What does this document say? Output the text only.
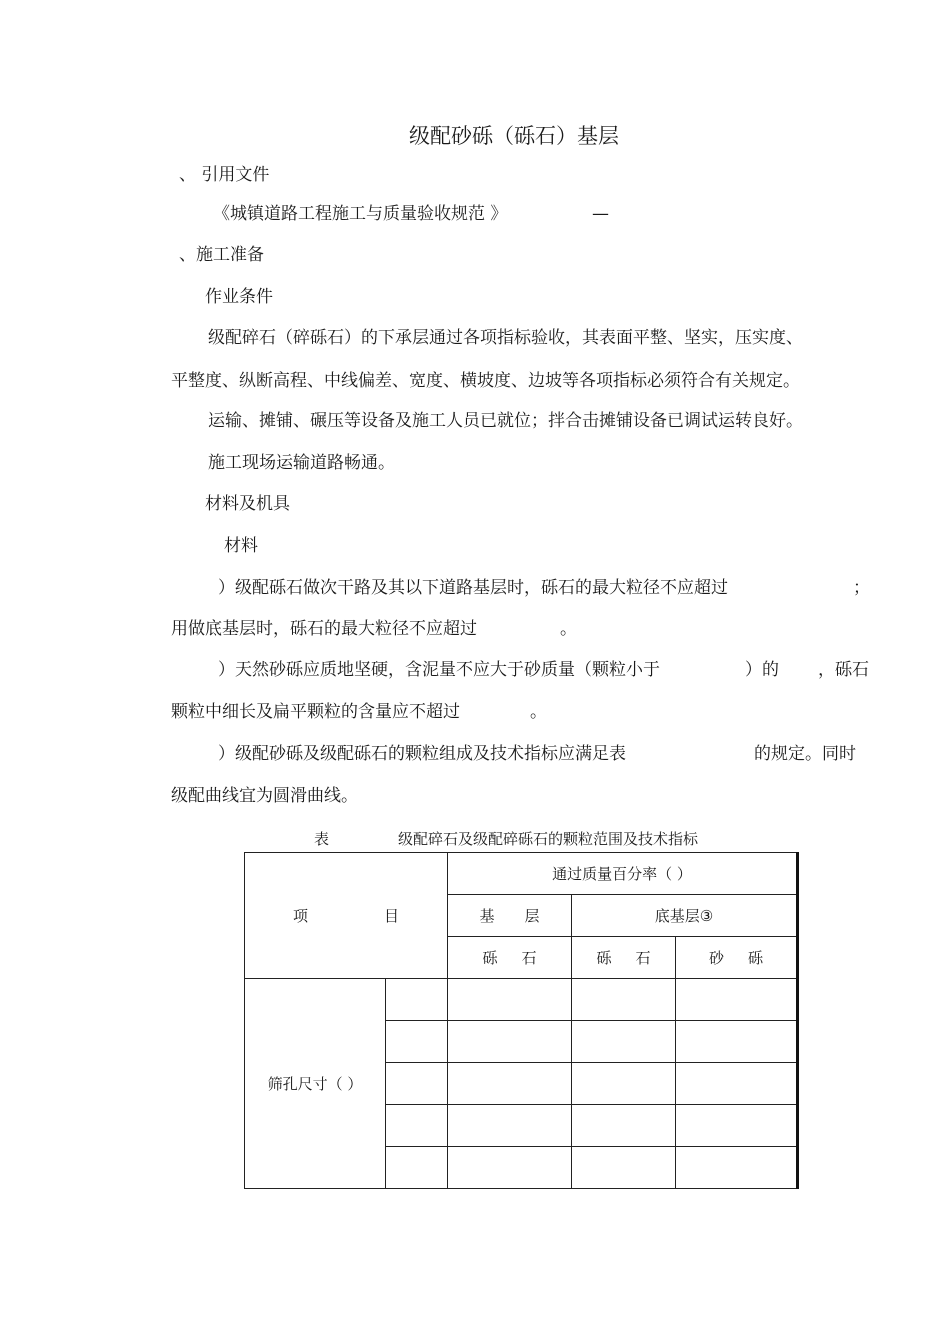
级配砂砾（砾石）基层
、 引用文件
《城镇道路工程施工与质量验收规范 》	—
、施工准备
作业条件
级配碎石（碎砾石）的下承层通过各项指标验收，其表面平整、坚实，压实度、
平整度、纵断高程、中线偏差、宽度、横坡度、边坡等各项指标必须符合有关规定。
运输、摊铺、碾压等设备及施工人员已就位；拌合击摊铺设备已调试运转良好。
施工现场运输道路畅通。
材料及机具
材料
）级配砾石做次干路及其以下道路基层时，砾石的最大粒径不应超过	；
用做底基层时，砾石的最大粒径不应超过	。
）天然砂砾应质地坚硬，含泥量不应大于砂质量（颗粒小于	）的 ，砾石
颗粒中细长及扁平颗粒的含量应不超过	。
）级配砂砾及级配砾石的颗粒组成及技术指标应满足表	的规定。同时
级配曲线宜为圆滑曲线。
表	级配碎石及级配碎砾石的颗粒范围及技术指标
项 目		通过质量百分率（ ）		
		基 层	底基层③	
		砾 石	砾 石	砂 砾
筛孔尺寸（ ）				
